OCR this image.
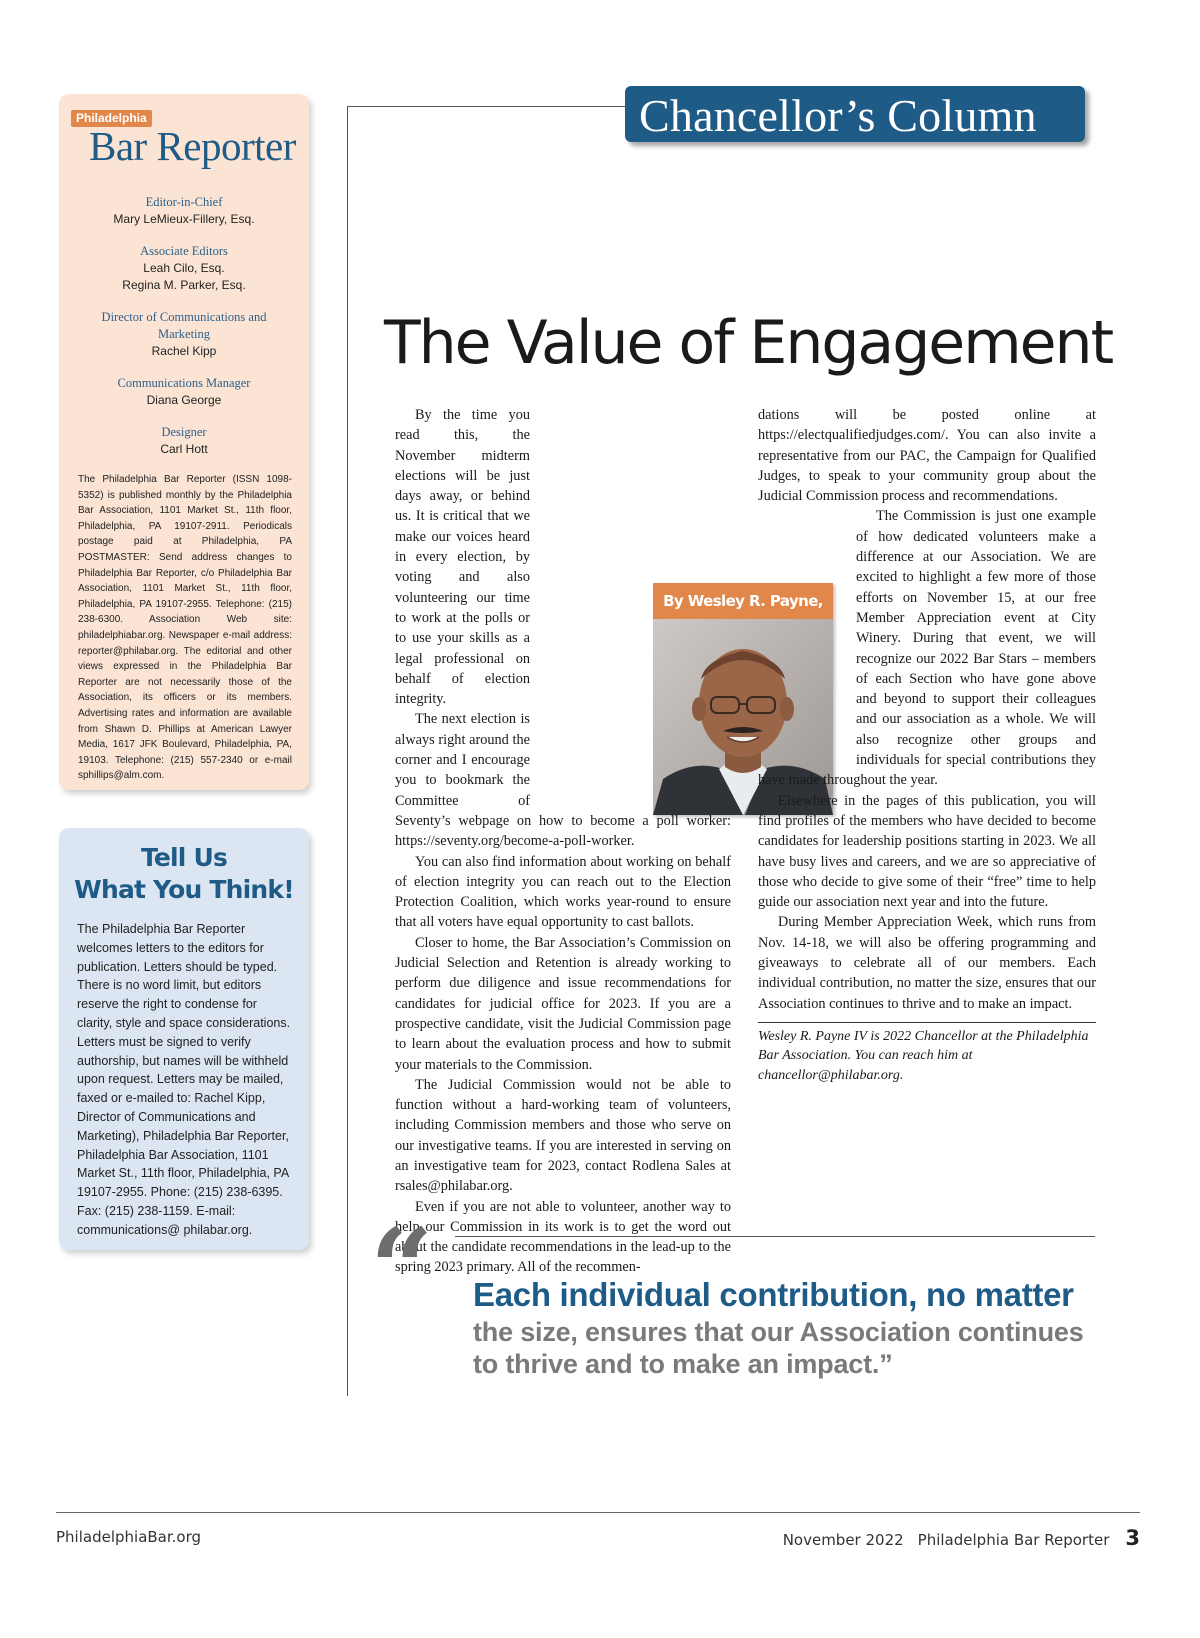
Philadelphia
Bar Reporter
Editor-in-Chief
Mary LeMieux-Fillery, Esq.
Associate Editors
Leah Cilo, Esq.
Regina M. Parker, Esq.
Director of Communications and Marketing
Rachel Kipp
Communications Manager
Diana George
Designer
Carl Hott
The Philadelphia Bar Reporter (ISSN 1098-5352) is published monthly by the Philadelphia Bar Association, 1101 Market St., 11th floor, Philadelphia, PA 19107-2911. Periodicals postage paid at Philadelphia, PA POSTMASTER: Send address changes to Philadelphia Bar Reporter, c/o Philadelphia Bar Association, 1101 Market St., 11th floor, Philadelphia, PA 19107-2955. Telephone: (215) 238-6300. Association Web site: philadelphiabar.org. Newspaper e-mail address: reporter@philabar.org. The editorial and other views expressed in the Philadelphia Bar Reporter are not necessarily those of the Association, its officers or its members. Advertising rates and information are available from Shawn D. Phillips at American Lawyer Media, 1617 JFK Boulevard, Philadelphia, PA, 19103. Telephone: (215) 557-2340 or e-mail sphillips@alm.com.
Tell Us
What You Think!
The Philadelphia Bar Reporter welcomes letters to the editors for publication. Letters should be typed. There is no word limit, but editors reserve the right to condense for clarity, style and space considerations. Letters must be signed to verify authorship, but names will be withheld upon request. Letters may be mailed, faxed or e-mailed to: Rachel Kipp, Director of Communications and Marketing), Philadelphia Bar Reporter, Philadelphia Bar Association, 1101 Market St., 11th floor, Philadelphia, PA 19107-2955. Phone: (215) 238-6395. Fax: (215) 238-1159. E-mail: communications@ philabar.org.
Chancellor’s Column
The Value of Engagement
By Wesley R. Payne,

By the time you read this, the November midterm elections will be just days away, or behind us. It is critical that we make our voices heard in every election, by voting and also volunteering our time to work at the polls or to use your skills as a legal professional on behalf of election integrity.

The next election is always right around the corner and I encourage you to bookmark the Committee of Seventy’s webpage on how to become a poll worker: https://seventy.org/become-a-poll-worker.

You can also find information about working on behalf of election integrity you can reach out to the Election Protection Coalition, which works year-round to ensure that all voters have equal opportunity to cast ballots.

Closer to home, the Bar Association’s Commission on Judicial Selection and Retention is already working to perform due diligence and issue recommendations for candidates for judicial office for 2023. If you are a prospective candidate, visit the Judicial Commission page to learn about the evaluation process and how to submit your materials to the Commission.

The Judicial Commission would not be able to function without a hard-working team of volunteers, including Commission members and those who serve on our investigative teams. If you are interested in serving on an investigative team for 2023, contact Rodlena Sales at rsales@philabar.org.

Even if you are not able to volunteer, another way to help our Commission in its work is to get the word out about the candidate recommendations in the lead-up to the spring 2023 primary. All of the recommen-

dations will be posted online at https://electqualifiedjudges.com/. You can also invite a representative from our PAC, the Campaign for Qualified Judges, to speak to your community group about the Judicial Commission process and recommendations.

The Commission is just one example of how dedicated volunteers make a difference at our Association. We are excited to highlight a few more of those efforts on November 15, at our free Member Appreciation event at City Winery. During that event, we will recognize our 2022 Bar Stars – members of each Section who have gone above and beyond to support their colleagues and our association as a whole. We will also recognize other groups and individuals for special contributions they have made throughout the year.

Elsewhere in the pages of this publication, you will find profiles of the members who have decided to become candidates for leadership positions starting in 2023. We all have busy lives and careers, and we are so appreciative of those who decide to give some of their “free” time to help guide our association next year and into the future.

During Member Appreciation Week, which runs from Nov. 14-18, we will also be offering programming and giveaways to celebrate all of our members. Each individual contribution, no matter the size, ensures that our Association continues to thrive and to make an impact.

Wesley R. Payne IV is 2022 Chancellor at the Philadelphia Bar Association. You can reach him at chancellor@philabar.org.
“ Each individual contribution, no matter
the size, ensures that our Association continues to thrive and to make an impact.”
PhiladelphiaBar.org	November 2022 Philadelphia Bar Reporter 3
